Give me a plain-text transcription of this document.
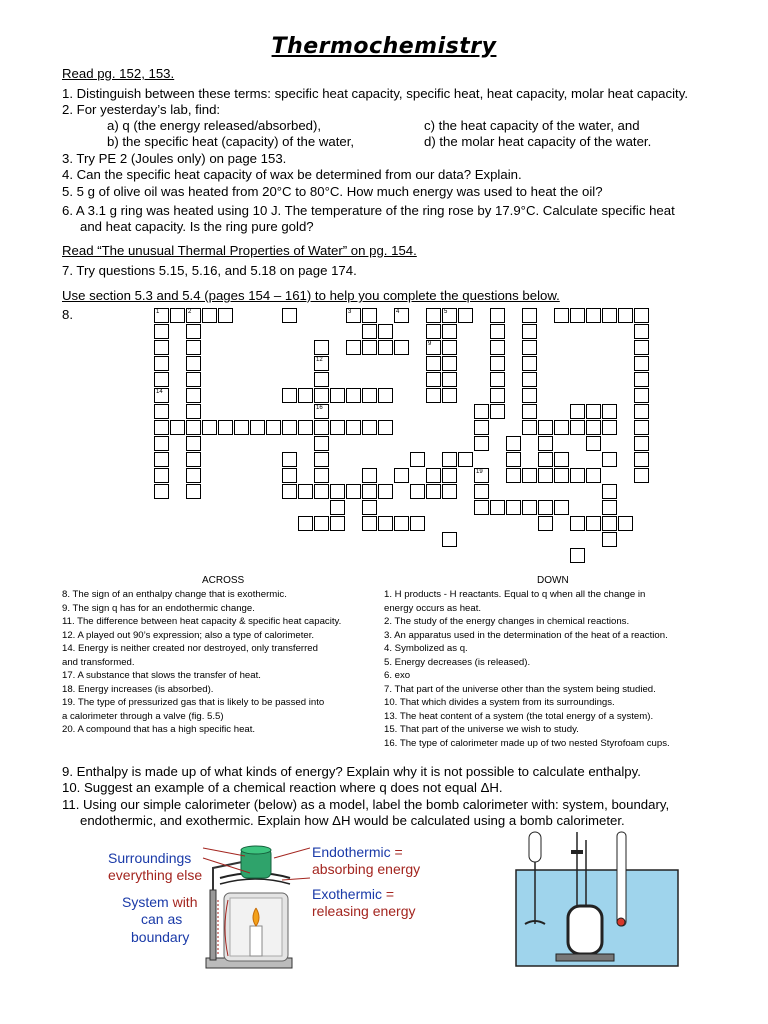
Thermochemistry
Read pg. 152, 153.
1. Distinguish between these terms: specific heat capacity, specific heat, heat capacity, molar heat capacity.
2. For yesterday’s lab, find:
a) q (the energy released/absorbed),	c) the heat capacity of the water, and
b) the specific heat (capacity) of the water,	d) the molar heat capacity of the water.
3. Try PE 2 (Joules only) on page 153.
4. Can the specific heat capacity of wax be determined from our data? Explain.
5. 5 g of olive oil was heated from 20°C to 80°C. How much energy was used to heat the oil?
6. A 3.1 g ring was heated using 10 J. The temperature of the ring rose by 17.9°C. Calculate specific heat
and heat capacity. Is the ring pure gold?
Read “The unusual Thermal Properties of Water” on pg. 154.
7. Try questions 5.15, 5.16, and 5.18 on page 174.
Use section 5.3 and 5.4 (pages 154 – 161) to help you complete the questions below.
8.	1	2	3	4	5
9
12
14
16
19
ACROSS	DOWN
8. The sign of an enthalpy change that is exothermic.
9. The sign q has for an endothermic change.
11. The difference between heat capacity & specific heat capacity.
12. A played out 90’s expression; also a type of calorimeter.
14. Energy is neither created nor destroyed, only transferred
and transformed.
17. A substance that slows the transfer of heat.
18. Energy increases (is absorbed).
19. The type of pressurized gas that is likely to be passed into
a calorimeter through a valve (fig. 5.5)
20. A compound that has a high specific heat.
1. H products - H reactants. Equal to q when all the change in
energy occurs as heat.
2. The study of the energy changes in chemical reactions.
3. An apparatus used in the determination of the heat of a reaction.
4. Symbolized as q.
5. Energy decreases (is released).
6. exo
7. That part of the universe other than the system being studied.
10. That which divides a system from its surroundings.
13. The heat content of a system (the total energy of a system).
15. That part of the universe we wish to study.
16. The type of calorimeter made up of two nested Styrofoam cups.
9. Enthalpy is made up of what kinds of energy? Explain why it is not possible to calculate enthalpy.
10. Suggest an example of a chemical reaction where q does not equal ΔH.
11. Using our simple calorimeter (below) as a model, label the bomb calorimeter with: system, boundary,
endothermic, and exothermic. Explain how ΔH would be calculated using a bomb calorimeter.
Surroundings
everything else
System with
can as
boundary
Endothermic =
absorbing energy
Exothermic =
releasing energy
